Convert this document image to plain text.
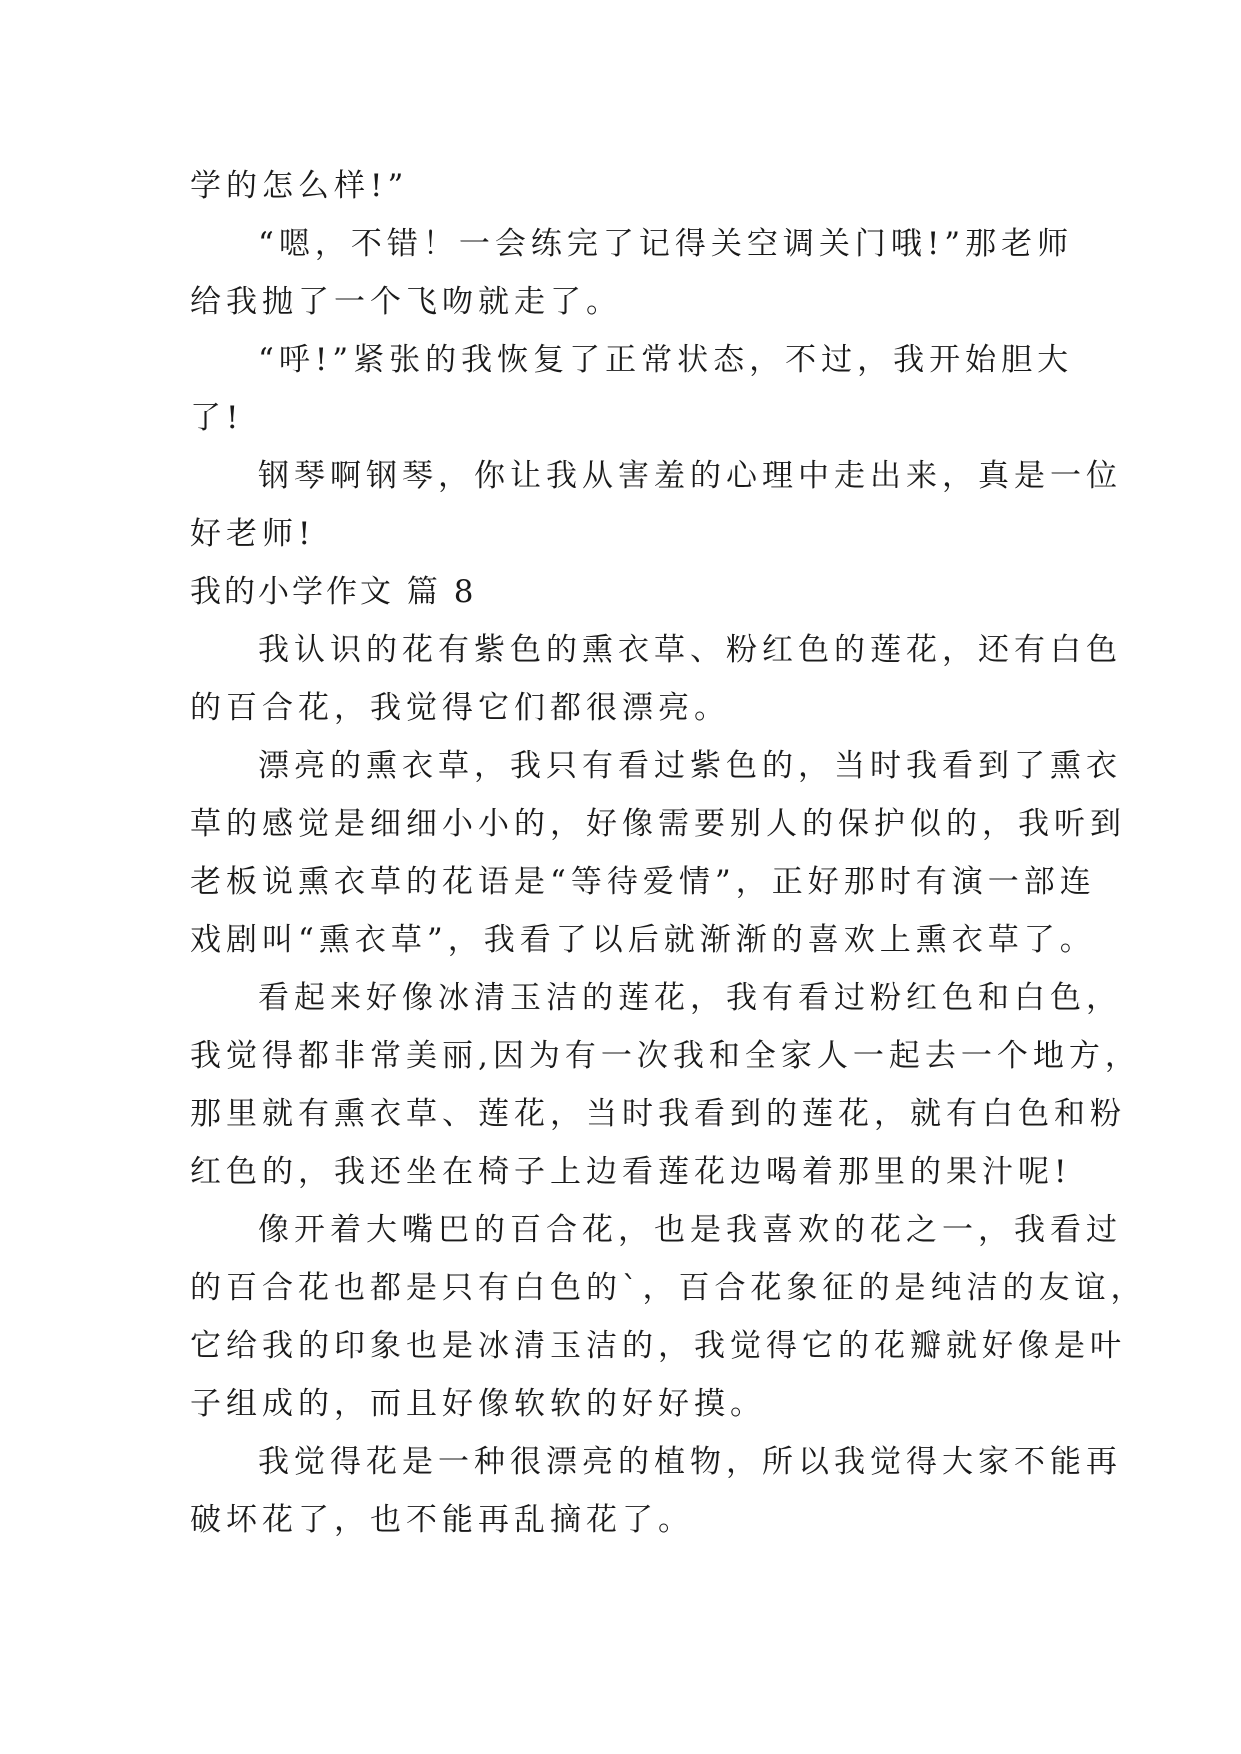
学的怎么样!”
“嗯，不错！一会练完了记得关空调关门哦!”那老师
给我抛了一个飞吻就走了。
“呼!”紧张的我恢复了正常状态，不过，我开始胆大
了!
钢琴啊钢琴，你让我从害羞的心理中走出来，真是一位
好老师!
我的小学作文 篇 8
我认识的花有紫色的熏衣草、粉红色的莲花，还有白色
的百合花，我觉得它们都很漂亮。
漂亮的熏衣草，我只有看过紫色的，当时我看到了熏衣
草的感觉是细细小小的，好像需要别人的保护似的，我听到
老板说熏衣草的花语是“等待爱情”，正好那时有演一部连
戏剧叫“熏衣草”，我看了以后就渐渐的喜欢上熏衣草了。
看起来好像冰清玉洁的莲花，我有看过粉红色和白色，
我觉得都非常美丽,因为有一次我和全家人一起去一个地方，
那里就有熏衣草、莲花，当时我看到的莲花，就有白色和粉
红色的，我还坐在椅子上边看莲花边喝着那里的果汁呢!
像开着大嘴巴的百合花，也是我喜欢的花之一，我看过
的百合花也都是只有白色的`，百合花象征的是纯洁的友谊，
它给我的印象也是冰清玉洁的，我觉得它的花瓣就好像是叶
子组成的，而且好像软软的好好摸。
我觉得花是一种很漂亮的植物，所以我觉得大家不能再
破坏花了，也不能再乱摘花了。
